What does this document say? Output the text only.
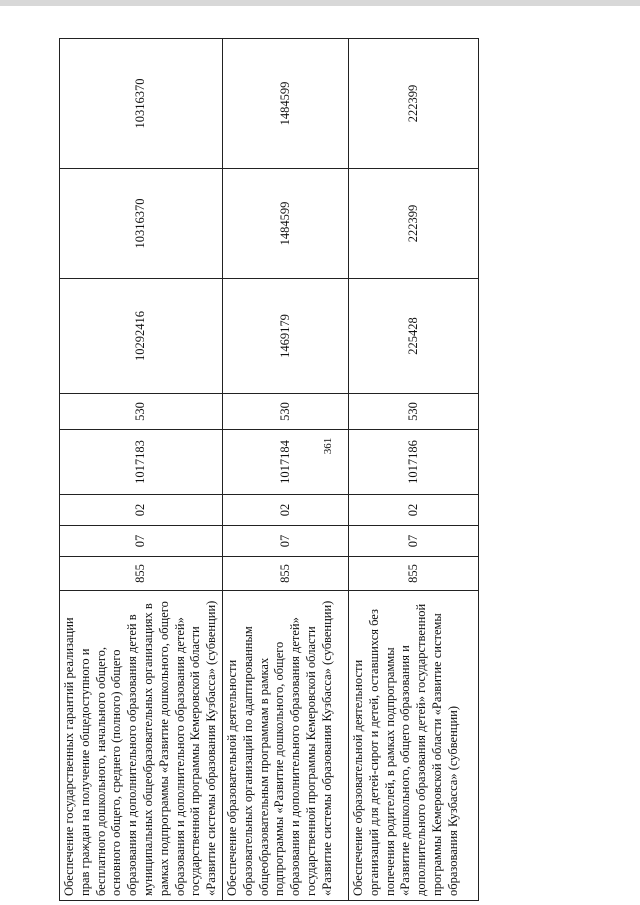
361
Обеспечение государственных гарантий реализации прав граждан на получение общедоступного и бесплатного дошкольного, начального общего, основного общего, среднего (полного) общего образования и дополнительного образования детей в муниципальных общеобразовательных организациях в рамках подпрограммы «Развитие дошкольного, общего образования и дополнительного образования детей» государственной программы Кемеровской области «Развитие системы образования Кузбасса» (субвенции)	855	07	02	1017183	530	10292416	10316370	10316370
Обеспечение образовательной деятельности образовательных организаций по адаптированным общеобразовательным программам в рамках подпрограммы «Развитие дошкольного, общего образования и дополнительного образования детей» государственной программы Кемеровской области «Развитие системы образования Кузбасса» (субвенции)	855	07	02	1017184	530	1469179	1484599	1484599
Обеспечение образовательной деятельности организаций для детей-сирот и детей, оставшихся без попечения родителей, в рамках подпрограммы «Развитие дошкольного, общего образования и дополнительного образования детей» государственной программы Кемеровской области «Развитие системы образования Кузбасса» (субвенции)	855	07	02	1017186	530	225428	222399	222399
